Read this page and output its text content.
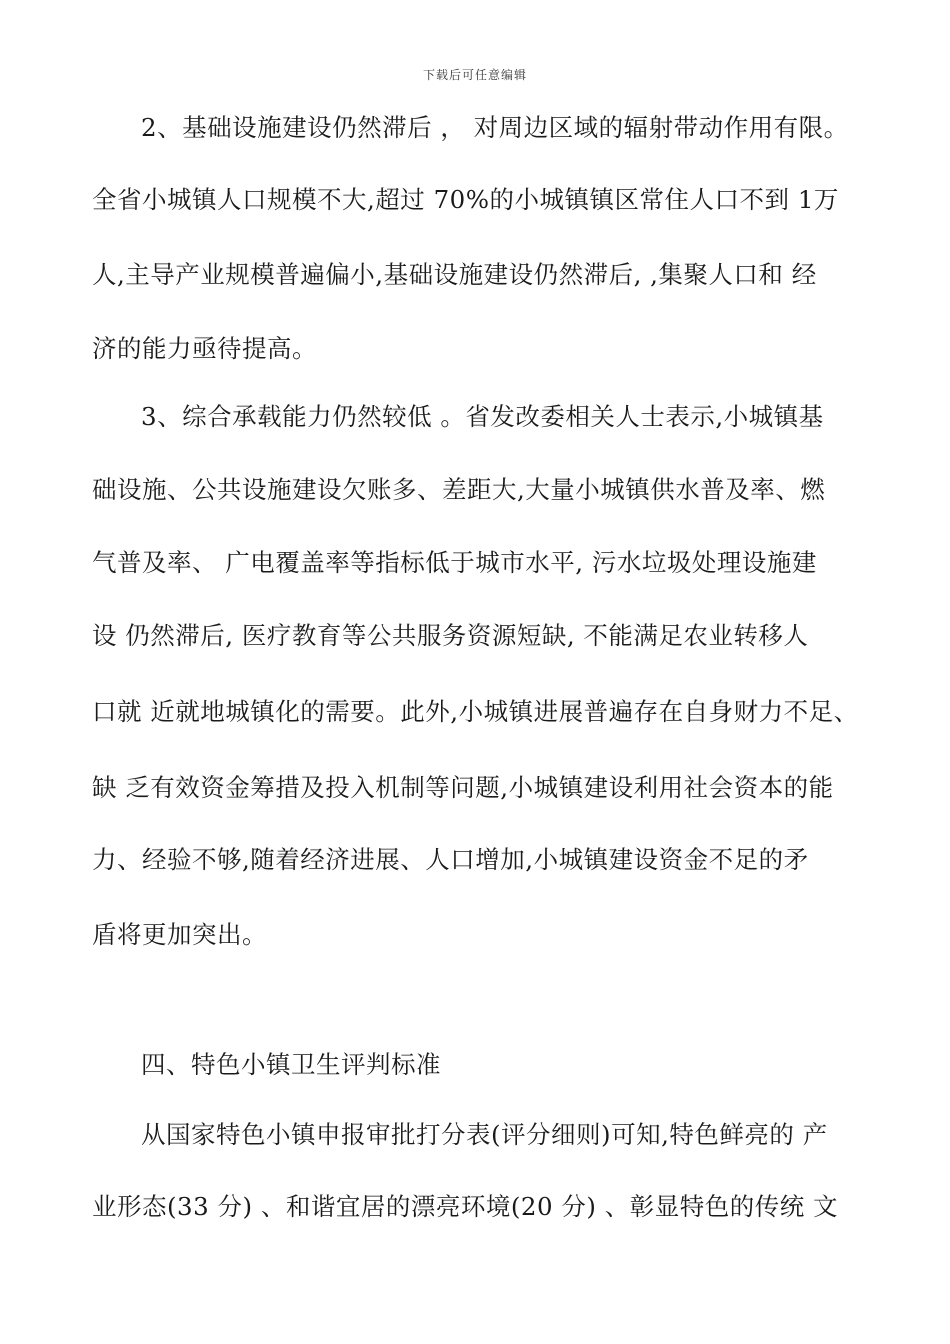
下载后可任意编辑
2、基础设施建设仍然滞后 ， 对周边区域的辐射带动作用有限。
全省小城镇人口规模不大,超过 70%的小城镇镇区常住人口不到 1万
人,主导产业规模普遍偏小,基础设施建设仍然滞后, ,集聚人口和 经
济的能力亟待提高。
3、综合承载能力仍然较低 。省发改委相关人士表示,小城镇基
础设施、公共设施建设欠账多、差距大,大量小城镇供水普及率、燃
气普及率、 广电覆盖率等指标低于城市水平, 污水垃圾处理设施建
设 仍然滞后, 医疗教育等公共服务资源短缺, 不能满足农业转移人
口就 近就地城镇化的需要。此外,小城镇进展普遍存在自身财力不足、
缺 乏有效资金筹措及投入机制等问题,小城镇建设利用社会资本的能
力、经验不够,随着经济进展、人口增加,小城镇建设资金不足的矛
盾将更加突出。
四、特色小镇卫生评判标准
从国家特色小镇申报审批打分表(评分细则)可知,特色鲜亮的 产
业形态(33 分) 、和谐宜居的漂亮环境(20 分) 、彰显特色的传统 文
